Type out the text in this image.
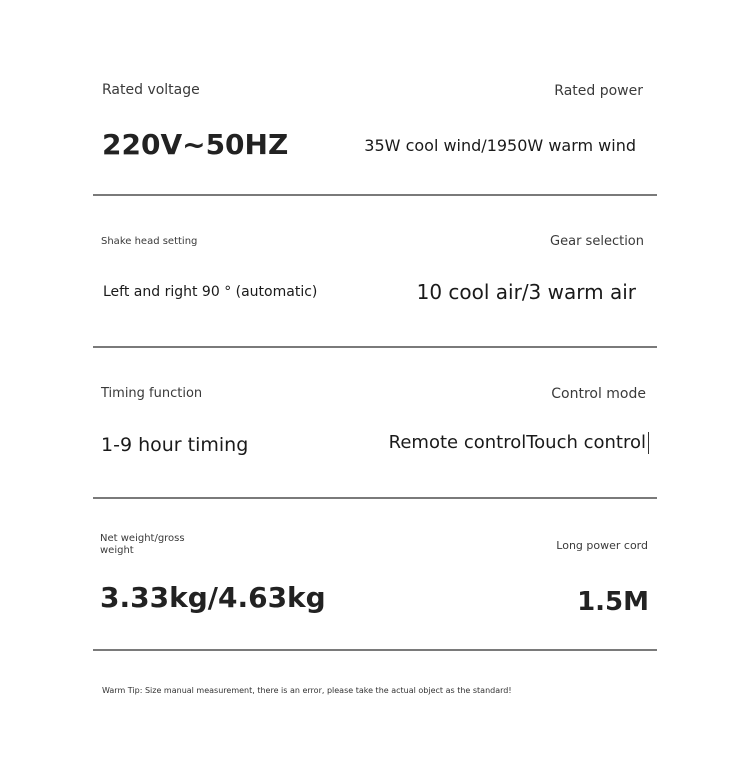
Rated voltage
220V~50HZ
Rated power
35W cool wind/1950W warm wind
Shake head setting
Left and right 90 ° (automatic)
Gear selection
10 cool air/3 warm air
Timing function
1-9 hour timing
Control mode
Remote controlTouch control
Net weight/gross weight
3.33kg/4.63kg
Long power cord
1.5M
Warm Tip: Size manual measurement, there is an error, please take the actual object as the standard!
